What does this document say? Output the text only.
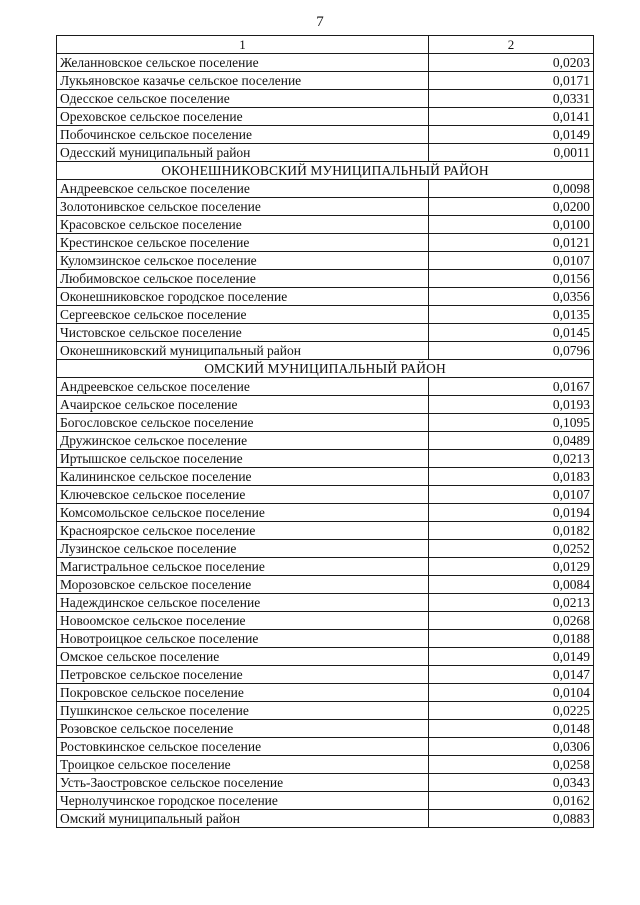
7
1	2
Желанновское сельское поселение	0,0203
Лукьяновское казачье сельское поселение	0,0171
Одесское сельское поселение	0,0331
Ореховское сельское поселение	0,0141
Побочинское сельское поселение	0,0149
Одесский муниципальный район	0,0011
ОКОНЕШНИКОВСКИЙ МУНИЦИПАЛЬНЫЙ РАЙОН	
Андреевское сельское поселение	0,0098
Золотонивское сельское поселение	0,0200
Красовское сельское поселение	0,0100
Крестинское сельское поселение	0,0121
Куломзинское сельское поселение	0,0107
Любимовское сельское поселение	0,0156
Оконешниковское городское поселение	0,0356
Сергеевское сельское поселение	0,0135
Чистовское сельское поселение	0,0145
Оконешниковский муниципальный район	0,0796
ОМСКИЙ МУНИЦИПАЛЬНЫЙ РАЙОН	
Андреевское сельское поселение	0,0167
Ачаирское сельское поселение	0,0193
Богословское сельское поселение	0,1095
Дружинское сельское поселение	0,0489
Иртышское сельское поселение	0,0213
Калининское сельское поселение	0,0183
Ключевское сельское поселение	0,0107
Комсомольское сельское поселение	0,0194
Красноярское сельское поселение	0,0182
Лузинское сельское поселение	0,0252
Магистральное сельское поселение	0,0129
Морозовское сельское поселение	0,0084
Надеждинское сельское поселение	0,0213
Новоомское сельское поселение	0,0268
Новотроицкое сельское поселение	0,0188
Омское сельское поселение	0,0149
Петровское сельское поселение	0,0147
Покровское сельское поселение	0,0104
Пушкинское сельское поселение	0,0225
Розовское сельское поселение	0,0148
Ростовкинское сельское поселение	0,0306
Троицкое сельское поселение	0,0258
Усть-Заостровское сельское поселение	0,0343
Чернолучинское городское поселение	0,0162
Омский муниципальный район	0,0883
